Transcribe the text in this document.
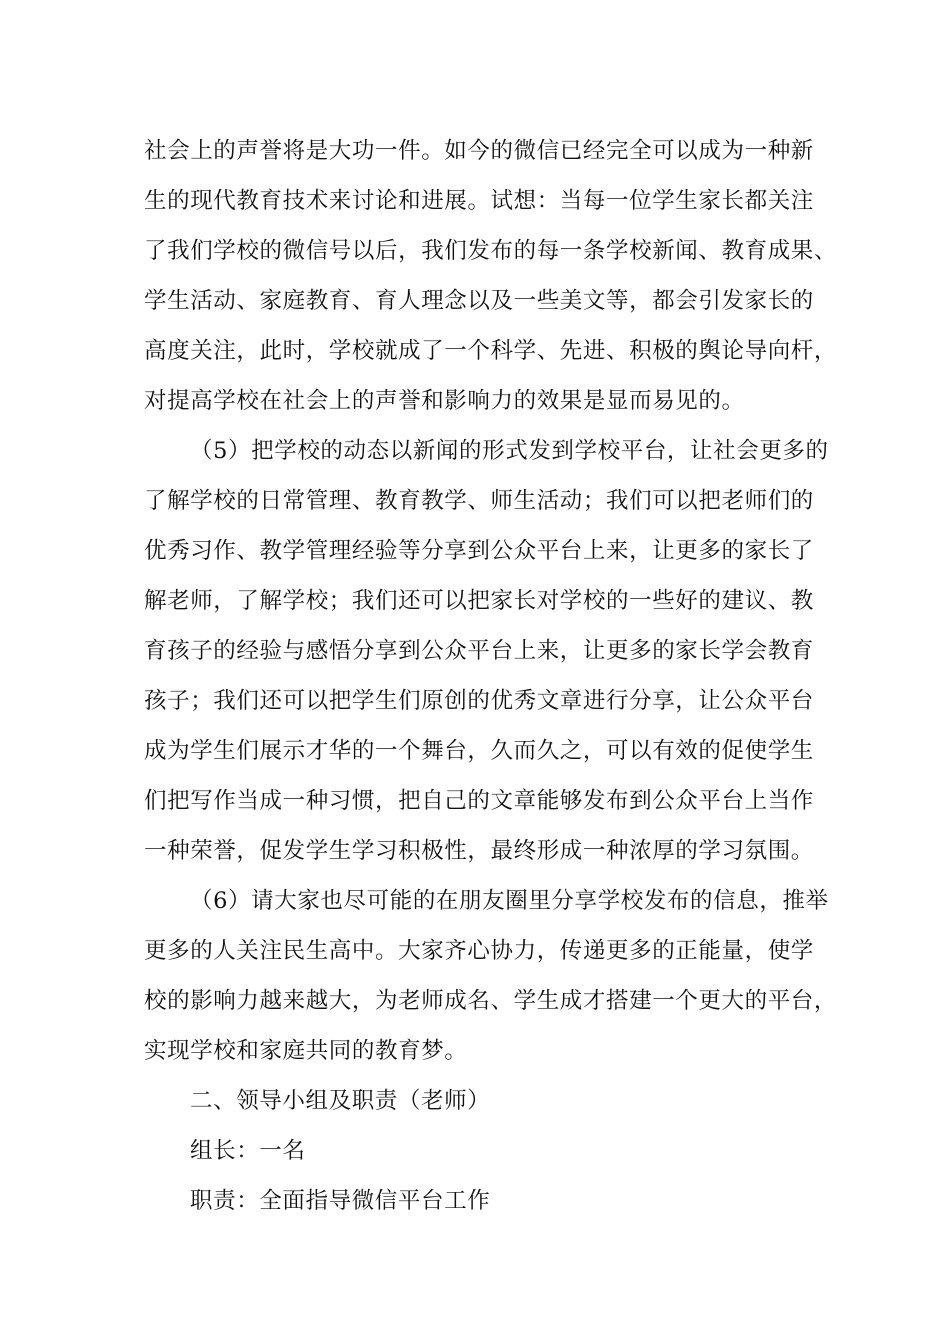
社会上的声誉将是大功一件。如今的微信已经完全可以成为一种新
生的现代教育技术来讨论和进展。试想：当每一位学生家长都关注
了我们学校的微信号以后，我们发布的每一条学校新闻、教育成果、
学生活动、家庭教育、育人理念以及一些美文等，都会引发家长的
高度关注，此时，学校就成了一个科学、先进、积极的舆论导向杆，
对提高学校在社会上的声誉和影响力的效果是显而易见的。
（5）把学校的动态以新闻的形式发到学校平台，让社会更多的
了解学校的日常管理、教育教学、师生活动；我们可以把老师们的
优秀习作、教学管理经验等分享到公众平台上来，让更多的家长了
解老师，了解学校；我们还可以把家长对学校的一些好的建议、教
育孩子的经验与感悟分享到公众平台上来，让更多的家长学会教育
孩子；我们还可以把学生们原创的优秀文章进行分享，让公众平台
成为学生们展示才华的一个舞台，久而久之，可以有效的促使学生
们把写作当成一种习惯，把自己的文章能够发布到公众平台上当作
一种荣誉，促发学生学习积极性，最终形成一种浓厚的学习氛围。
（6）请大家也尽可能的在朋友圈里分享学校发布的信息，推举
更多的人关注民生高中。大家齐心协力，传递更多的正能量，使学
校的影响力越来越大，为老师成名、学生成才搭建一个更大的平台，
实现学校和家庭共同的教育梦。
二、领导小组及职责（老师）
组长：一名
职责：全面指导微信平台工作
